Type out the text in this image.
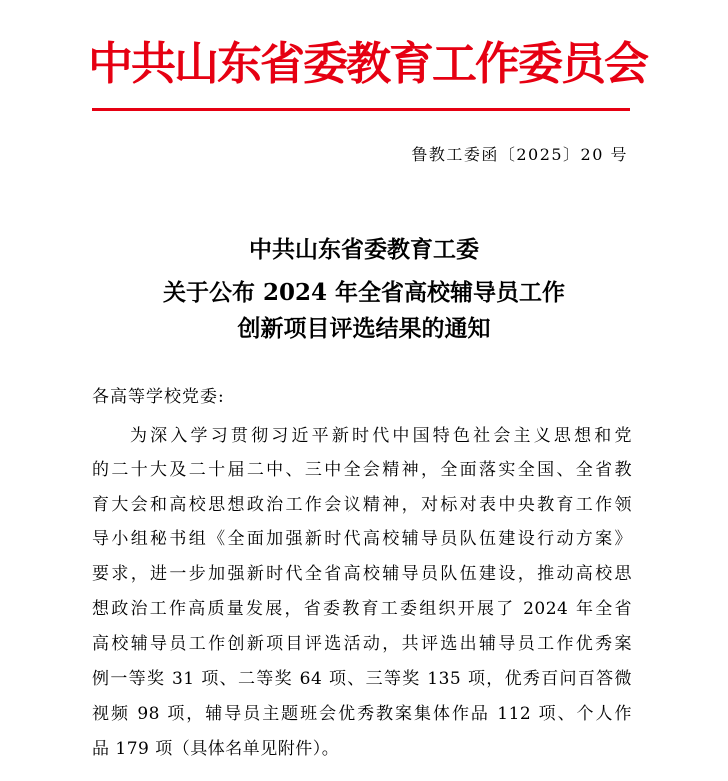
中共山东省委教育工作委员会
鲁教工委函〔2025〕20 号
中共山东省委教育工委
关于公布 2024 年全省高校辅导员工作
创新项目评选结果的通知
各高等学校党委:
为深入学习贯彻习近平新时代中国特色社会主义思想和党
的二十大及二十届二中、三中全会精神，全面落实全国、全省教
育大会和高校思想政治工作会议精神，对标对表中央教育工作领
导小组秘书组《全面加强新时代高校辅导员队伍建设行动方案》
要求，进一步加强新时代全省高校辅导员队伍建设，推动高校思
想政治工作高质量发展，省委教育工委组织开展了 2024 年全省
高校辅导员工作创新项目评选活动，共评选出辅导员工作优秀案
例一等奖 31 项、二等奖 64 项、三等奖 135 项，优秀百问百答微
视频 98 项，辅导员主题班会优秀教案集体作品 112 项、个人作
品 179 项（具体名单见附件）。
